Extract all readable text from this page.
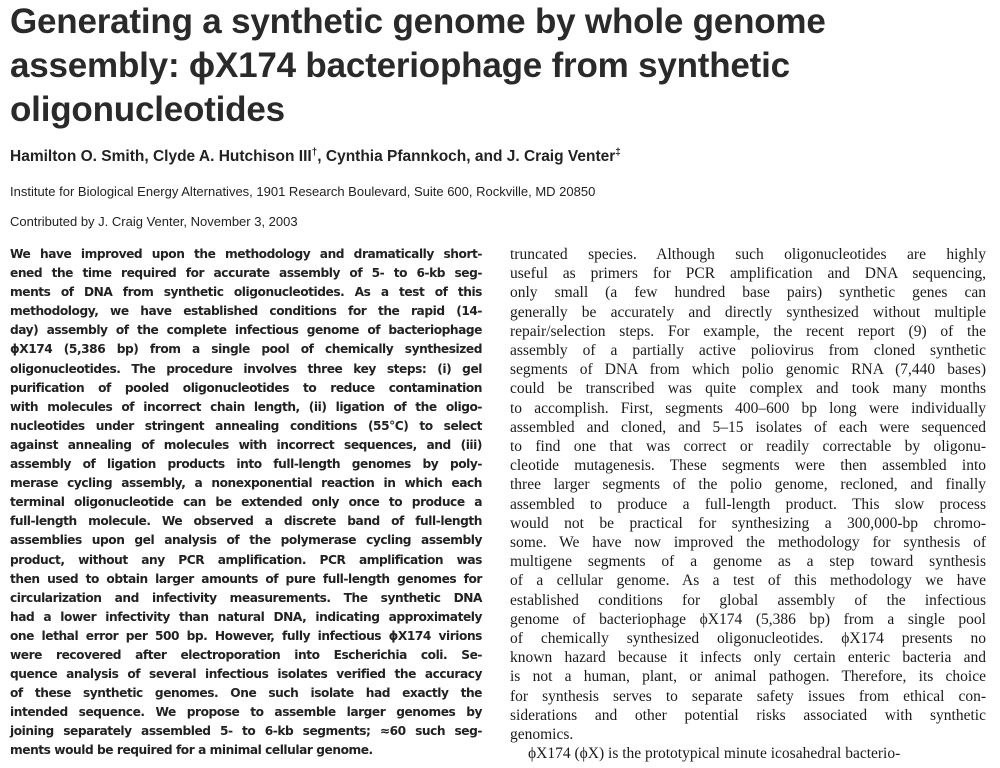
Generating a synthetic genome by whole genome
assembly: ϕX174 bacteriophage from synthetic
oligonucleotides
Hamilton O. Smith, Clyde A. Hutchison III†, Cynthia Pfannkoch, and J. Craig Venter‡
Institute for Biological Energy Alternatives, 1901 Research Boulevard, Suite 600, Rockville, MD 20850
Contributed by J. Craig Venter, November 3, 2003
We have improved upon the methodology and dramatically short-
ened the time required for accurate assembly of 5- to 6-kb seg-
ments of DNA from synthetic oligonucleotides. As a test of this
methodology, we have established conditions for the rapid (14-
day) assembly of the complete infectious genome of bacteriophage
ϕX174 (5,386 bp) from a single pool of chemically synthesized
oligonucleotides. The procedure involves three key steps: (i) gel
purification of pooled oligonucleotides to reduce contamination
with molecules of incorrect chain length, (ii) ligation of the oligo-
nucleotides under stringent annealing conditions (55°C) to select
against annealing of molecules with incorrect sequences, and (iii)
assembly of ligation products into full-length genomes by poly-
merase cycling assembly, a nonexponential reaction in which each
terminal oligonucleotide can be extended only once to produce a
full-length molecule. We observed a discrete band of full-length
assemblies upon gel analysis of the polymerase cycling assembly
product, without any PCR amplification. PCR amplification was
then used to obtain larger amounts of pure full-length genomes for
circularization and infectivity measurements. The synthetic DNA
had a lower infectivity than natural DNA, indicating approximately
one lethal error per 500 bp. However, fully infectious ϕX174 virions
were recovered after electroporation into Escherichia coli. Se-
quence analysis of several infectious isolates verified the accuracy
of these synthetic genomes. One such isolate had exactly the
intended sequence. We propose to assemble larger genomes by
joining separately assembled 5- to 6-kb segments; ≈60 such seg-
ments would be required for a minimal cellular genome.
truncated species. Although such oligonucleotides are highly
useful as primers for PCR amplification and DNA sequencing,
only small (a few hundred base pairs) synthetic genes can
generally be accurately and directly synthesized without multiple
repair/selection steps. For example, the recent report (9) of the
assembly of a partially active poliovirus from cloned synthetic
segments of DNA from which polio genomic RNA (7,440 bases)
could be transcribed was quite complex and took many months
to accomplish. First, segments 400–600 bp long were individually
assembled and cloned, and 5–15 isolates of each were sequenced
to find one that was correct or readily correctable by oligonu-
cleotide mutagenesis. These segments were then assembled into
three larger segments of the polio genome, recloned, and finally
assembled to produce a full-length product. This slow process
would not be practical for synthesizing a 300,000-bp chromo-
some. We have now improved the methodology for synthesis of
multigene segments of a genome as a step toward synthesis
of a cellular genome. As a test of this methodology we have
established conditions for global assembly of the infectious
genome of bacteriophage ϕX174 (5,386 bp) from a single pool
of chemically synthesized oligonucleotides. ϕX174 presents no
known hazard because it infects only certain enteric bacteria and
is not a human, plant, or animal pathogen. Therefore, its choice
for synthesis serves to separate safety issues from ethical con-
siderations and other potential risks associated with synthetic
genomics.
ϕX174 (ϕX) is the prototypical minute icosahedral bacterio-
